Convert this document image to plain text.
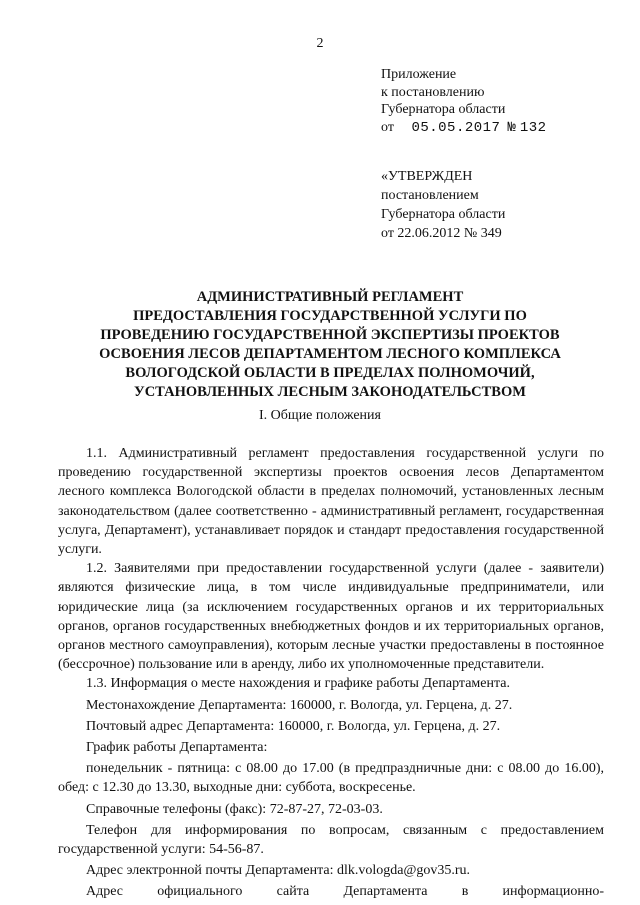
2
Приложение
к постановлению
Губернатора области
от 05.05.2017 № 132
«УТВЕРЖДЕН
постановлением
Губернатора области
от 22.06.2012 № 349
АДМИНИСТРАТИВНЫЙ РЕГЛАМЕНТ
ПРЕДОСТАВЛЕНИЯ ГОСУДАРСТВЕННОЙ УСЛУГИ ПО
ПРОВЕДЕНИЮ ГОСУДАРСТВЕННОЙ ЭКСПЕРТИЗЫ ПРОЕКТОВ
ОСВОЕНИЯ ЛЕСОВ ДЕПАРТАМЕНТОМ ЛЕСНОГО КОМПЛЕКСА
ВОЛОГОДСКОЙ ОБЛАСТИ В ПРЕДЕЛАХ ПОЛНОМОЧИЙ,
УСТАНОВЛЕННЫХ ЛЕСНЫМ ЗАКОНОДАТЕЛЬСТВОМ
I. Общие положения

1.1. Административный регламент предоставления государственной услуги по проведению государственной экспертизы проектов освоения лесов Департаментом лесного комплекса Вологодской области в пределах полномочий, установленных лесным законодательством (далее соответственно - административный регламент, государственная услуга, Департамент), устанавливает порядок и стандарт предоставления государственной услуги.

1.2. Заявителями при предоставлении государственной услуги (далее - заявители) являются физические лица, в том числе индивидуальные предприниматели, или юридические лица (за исключением государственных органов и их территориальных органов, органов государственных внебюджетных фондов и их территориальных органов, органов местного самоуправления), которым лесные участки предоставлены в постоянное (бессрочное) пользование или в аренду, либо их уполномоченные представители.

1.3. Информация о месте нахождения и графике работы Департамента.

Местонахождение Департамента: 160000, г. Вологда, ул. Герцена, д. 27.

Почтовый адрес Департамента: 160000, г. Вологда, ул. Герцена, д. 27.

График работы Департамента:

понедельник - пятница: с 08.00 до 17.00 (в предпраздничные дни: с 08.00 до 16.00), обед: с 12.30 до 13.30, выходные дни: суббота, воскресенье.

Справочные телефоны (факс): 72-87-27, 72-03-03.

Телефон для информирования по вопросам, связанным с предоставлением государственной услуги: 54-56-87.

Адрес электронной почты Департамента: dlk.vologda@gov35.ru.

Адрес официального сайта Департамента в информационно-
